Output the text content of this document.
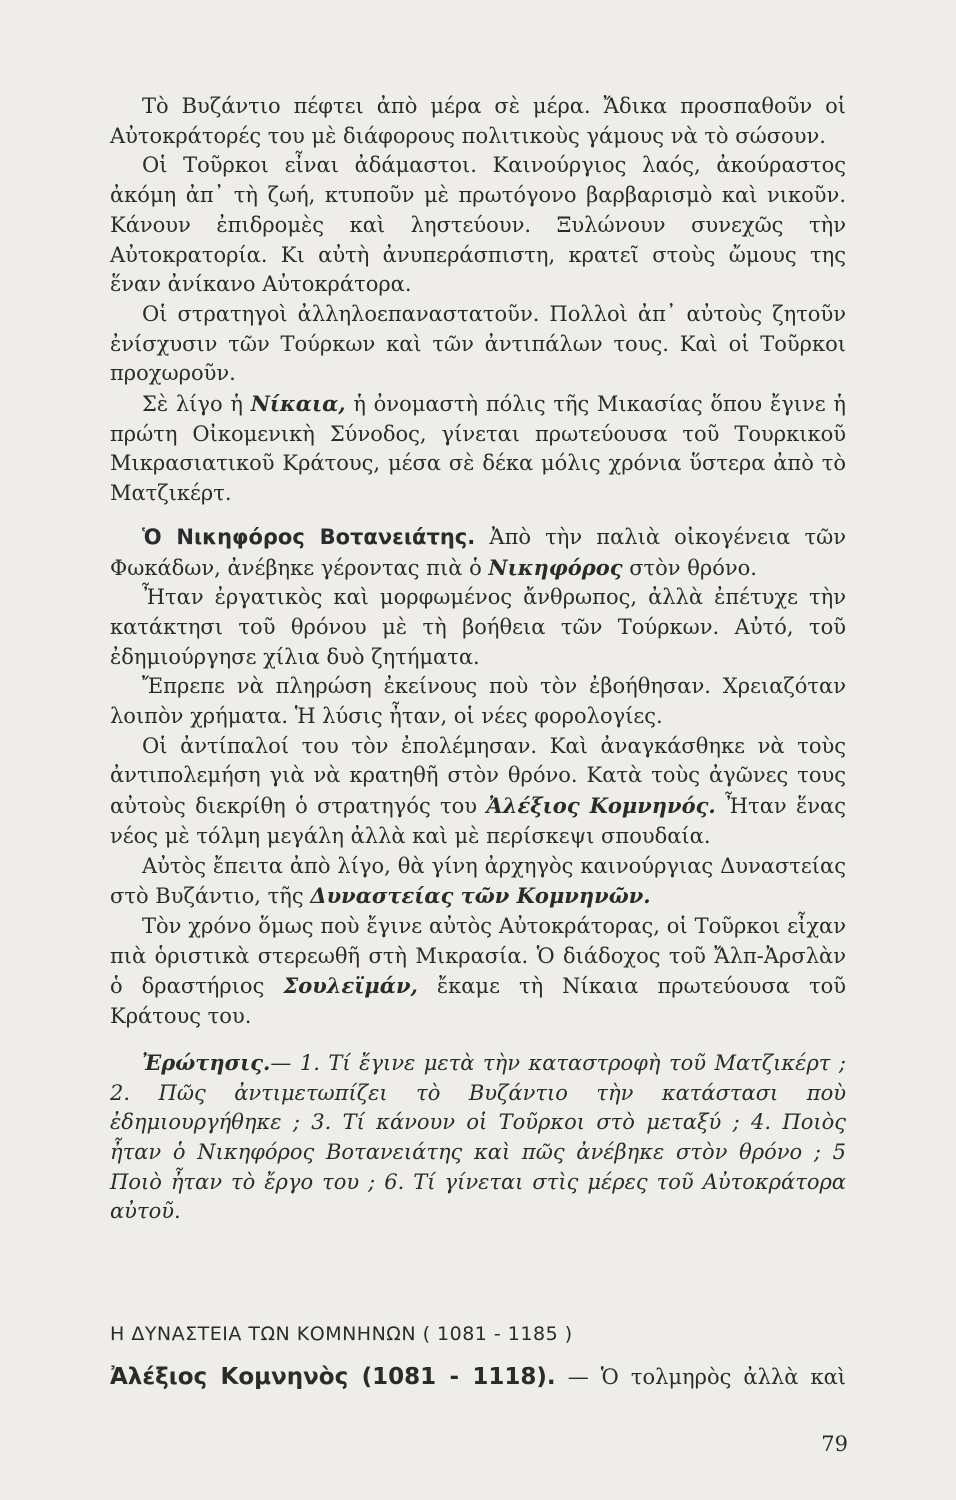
Τὸ Βυζάντιο πέφτει ἀπὸ μέρα σὲ μέρα. Ἄδικα προσπαθοῦν οἱ Αὐτοκράτορές του μὲ διάφορους πολιτικοὺς γάμους νὰ τὸ σώσουν.

Οἱ Τοῦρκοι εἶναι ἀδάμαστοι. Καινούργιος λαός, ἀκούραστος ἀκόμη ἀπ᾿ τὴ ζωή, κτυποῦν μὲ πρωτόγονο βαρβαρισμὸ καὶ νικοῦν. Κάνουν ἐπιδρομὲς καὶ ληστεύουν. Ξυλώνουν συνεχῶς τὴν Αὐτοκρατορία. Κι αὐτὴ ἀνυπεράσπιστη, κρατεῖ στοὺς ὤμους της ἕναν ἀνίκανο Αὐτοκράτορα.

Οἱ στρατηγοὶ ἀλληλοεπαναστατοῦν. Πολλοὶ ἀπ᾿ αὐτοὺς ζητοῦν ἐνίσχυσιν τῶν Τούρκων καὶ τῶν ἀντιπάλων τους. Καὶ οἱ Τοῦρκοι προχωροῦν.

Σὲ λίγο ἡ Νίκαια, ἡ ὀνομαστὴ πόλις τῆς Μικασίας ὅπου ἔγινε ἡ πρώτη Οἰκομενικὴ Σύνοδος, γίνεται πρωτεύουσα τοῦ Τουρκικοῦ Μικρασιατικοῦ Κράτους, μέσα σὲ δέκα μόλις χρόνια ὕστερα ἀπὸ τὸ Ματζικέρτ.

Ὁ Νικηφόρος Βοτανειάτης. Ἀπὸ τὴν παλιὰ οἰκογένεια τῶν Φωκάδων, ἀνέβηκε γέροντας πιὰ ὁ Νικηφόρος στὸν θρόνο.

Ἦταν ἐργατικὸς καὶ μορφωμένος ἄνθρωπος, ἀλλὰ ἐπέτυχε τὴν κατάκτησι τοῦ θρόνου μὲ τὴ βοήθεια τῶν Τούρκων. Αὐτό, τοῦ ἐδημιούργησε χίλια δυὸ ζητήματα.

Ἔπρεπε νὰ πληρώση ἐκείνους ποὺ τὸν ἐβοήθησαν. Χρειαζόταν λοιπὸν χρήματα. Ἡ λύσις ἦταν, οἱ νέες φορολογίες.

Οἱ ἀντίπαλοί του τὸν ἐπολέμησαν. Καὶ ἀναγκάσθηκε νὰ τοὺς ἀντιπολεμήση γιὰ νὰ κρατηθῆ στὸν θρόνο. Κατὰ τοὺς ἀγῶνες τους αὐτοὺς διεκρίθη ὁ στρατηγός του Ἀλέξιος Κομνηνός. Ἦταν ἕνας νέος μὲ τόλμη μεγάλη ἀλλὰ καὶ μὲ περίσκεψι σπουδαία.

Αὐτὸς ἔπειτα ἀπὸ λίγο, θὰ γίνη ἀρχηγὸς καινούργιας Δυναστείας στὸ Βυζάντιο, τῆς Δυναστείας τῶν Κομνηνῶν.

Τὸν χρόνο ὅμως ποὺ ἔγινε αὐτὸς Αὐτοκράτορας, οἱ Τοῦρκοι εἶχαν πιὰ ὁριστικὰ στερεωθῆ στὴ Μικρασία. Ὁ διάδοχος τοῦ Ἄλπ-Ἀρσλὰν ὁ δραστήριος Σουλεϊμάν, ἔκαμε τὴ Νίκαια πρωτεύουσα τοῦ Κράτους του.

Ἐρώτησις.— 1. Τί ἔγινε μετὰ τὴν καταστροφὴ τοῦ Ματζικέρτ ; 2. Πῶς ἀντιμετωπίζει τὸ Βυζάντιο τὴν κατάστασι ποὺ ἐδημιουργήθηκε ; 3. Τί κάνουν οἱ Τοῦρκοι στὸ μεταξύ ; 4. Ποιὸς ἦταν ὁ Νικηφόρος Βοτανειάτης καὶ πῶς ἀνέβηκε στὸν θρόνο ; 5 Ποιὸ ἦταν τὸ ἔργο του ; 6. Τί γίνεται στὶς μέρες τοῦ Αὐτοκράτορα αὐτοῦ.

Η ΔΥΝΑΣΤΕΙΑ ΤΩΝ ΚΟΜΝΗΝΩΝ ( 1081 - 1185 )

Ἀλέξιος Κομνηνὸς (1081 - 1118). — Ὁ τολμηρὸς ἀλλὰ καὶ
79
